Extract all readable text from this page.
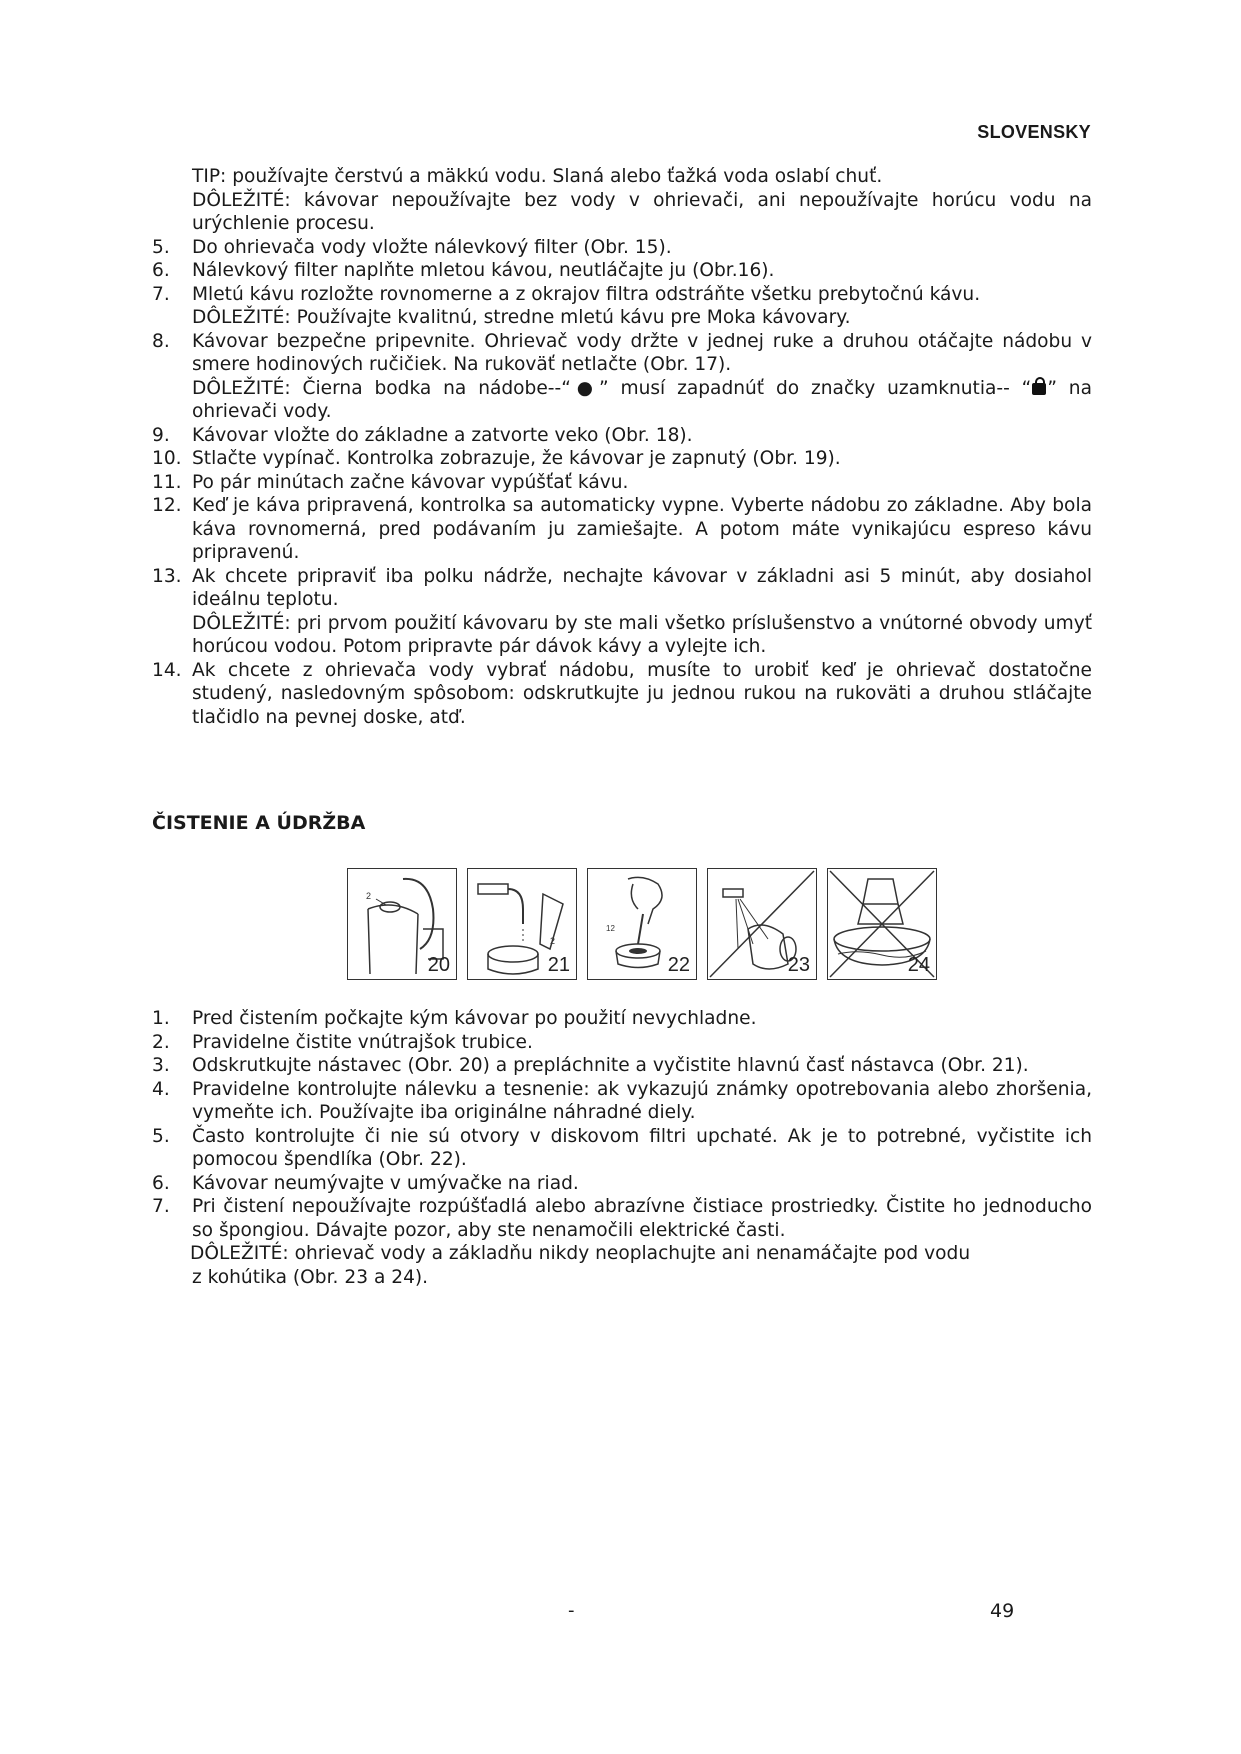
SLOVENSKY
TIP: používajte čerstvú a mäkkú vodu. Slaná alebo ťažká voda oslabí chuť.
DÔLEŽITÉ: kávovar nepoužívajte bez vody v ohrievači, ani nepoužívajte horúcu vodu na urýchlenie procesu.
5.	Do ohrievača vody vložte nálevkový filter (Obr. 15).
6.	Nálevkový filter naplňte mletou kávou, neutláčajte ju (Obr.16).
7.	Mletú kávu rozložte rovnomerne a z okrajov filtra odstráňte všetku prebytočnú kávu.
DÔLEŽITÉ: Používajte kvalitnú, stredne mletú kávu pre Moka kávovary.
8.	Kávovar bezpečne pripevnite. Ohrievač vody držte v jednej ruke a druhou otáčajte nádobu v smere hodinových ručičiek. Na rukoväť netlačte (Obr. 17).
DÔLEŽITÉ: Čierna bodka na nádobe--“●” musí zapadnúť do značky uzamknutia-- “ ” na ohrievači vody.
9.	Kávovar vložte do základne a zatvorte veko (Obr. 18).
10. Stlačte vypínač. Kontrolka zobrazuje, že kávovar je zapnutý (Obr. 19).
11. Po pár minútach začne kávovar vypúšťať kávu.
12. Keď je káva pripravená, kontrolka sa automaticky vypne. Vyberte nádobu zo základne. Aby bola káva rovnomerná, pred podávaním ju zamiešajte. A potom máte vynikajúcu espreso kávu pripravenú.
13. Ak chcete pripraviť iba polku nádrže, nechajte kávovar v základni asi 5 minút, aby dosiahol ideálnu teplotu.
DÔLEŽITÉ: pri prvom použití kávovaru by ste mali všetko príslušenstvo a vnútorné obvody umyť horúcou vodou. Potom pripravte pár dávok kávy a vylejte ich.
14. Ak chcete z ohrievača vody vybrať nádobu, musíte to urobiť keď je ohrievač dostatočne studený, nasledovným spôsobom: odskrutkujte ju jednou rukou na rukoväti a druhou stláčajte tlačidlo na pevnej doske, atď.
ČISTENIE A ÚDRŽBA
2
20
2
21
12
22	23	24
1.	Pred čistením počkajte kým kávovar po použití nevychladne.
2.	Pravidelne čistite vnútrajšok trubice.
3.	Odskrutkujte nástavec (Obr. 20) a prepláchnite a vyčistite hlavnú časť nástavca (Obr. 21).
4.	Pravidelne kontrolujte nálevku a tesnenie: ak vykazujú známky opotrebovania alebo zhoršenia, vymeňte ich. Používajte iba originálne náhradné diely.
5.	Často kontrolujte či nie sú otvory v diskovom filtri upchaté. Ak je to potrebné, vyčistite ich pomocou špendlíka (Obr. 22).
6.	Kávovar neumývajte v umývačke na riad.
7.	Pri čistení nepoužívajte rozpúšťadlá alebo abrazívne čistiace prostriedky. Čistite ho jednoducho so špongiou. Dávajte pozor, aby ste nenamočili elektrické časti.
DÔLEŽITÉ: ohrievač vody a základňu nikdy neoplachujte ani nenamáčajte pod vodu
z kohútika (Obr. 23 a 24).
-	49
